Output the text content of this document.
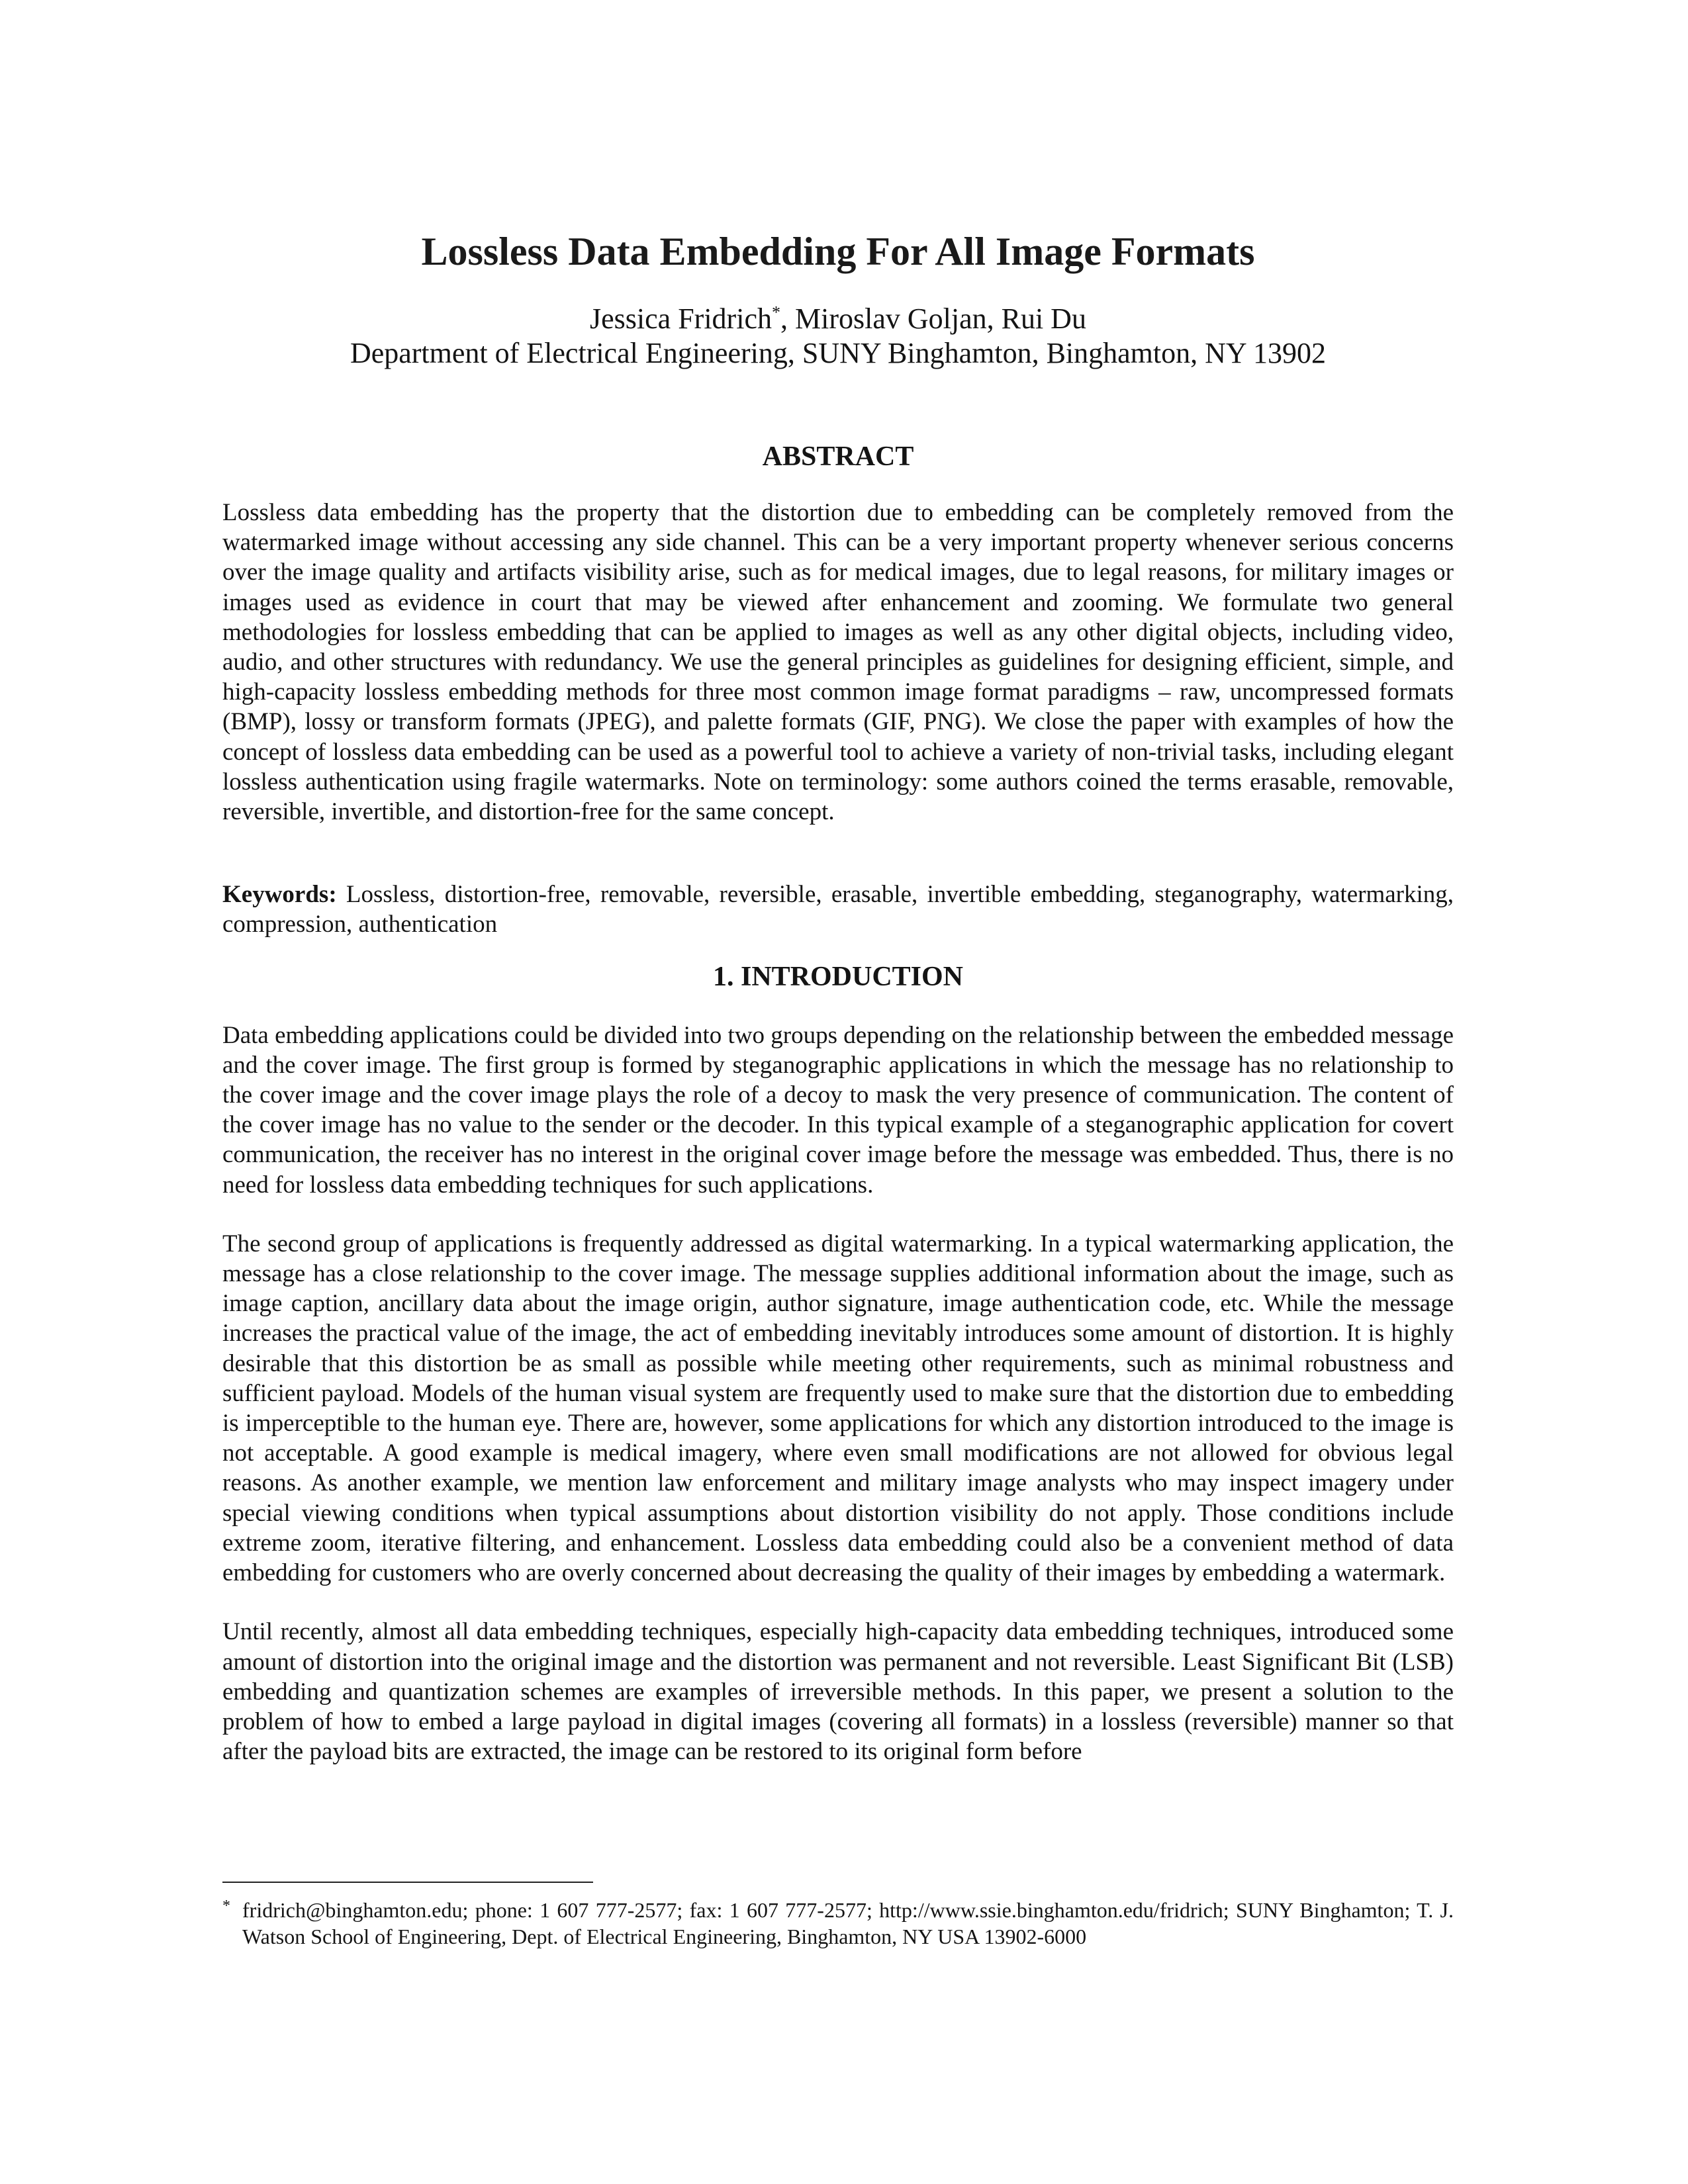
Lossless Data Embedding For All Image Formats
Jessica Fridrich*, Miroslav Goljan, Rui Du
Department of Electrical Engineering, SUNY Binghamton, Binghamton, NY 13902
ABSTRACT

Lossless data embedding has the property that the distortion due to embedding can be completely removed from the watermarked image without accessing any side channel. This can be a very important property whenever serious concerns over the image quality and artifacts visibility arise, such as for medical images, due to legal reasons, for military images or images used as evidence in court that may be viewed after enhancement and zooming. We formulate two general methodologies for lossless embedding that can be applied to images as well as any other digital objects, including video, audio, and other structures with redundancy. We use the general principles as guidelines for designing efficient, simple, and high-capacity lossless embedding methods for three most common image format paradigms – raw, uncompressed formats (BMP), lossy or transform formats (JPEG), and palette formats (GIF, PNG). We close the paper with examples of how the concept of lossless data embedding can be used as a powerful tool to achieve a variety of non-trivial tasks, including elegant lossless authentication using fragile watermarks. Note on terminology: some authors coined the terms erasable, removable, reversible, invertible, and distortion-free for the same concept.

Keywords: Lossless, distortion-free, removable, reversible, erasable, invertible embedding, steganography, watermarking, compression, authentication

1. INTRODUCTION

Data embedding applications could be divided into two groups depending on the relationship between the embedded message and the cover image. The first group is formed by steganographic applications in which the message has no relationship to the cover image and the cover image plays the role of a decoy to mask the very presence of communication. The content of the cover image has no value to the sender or the decoder. In this typical example of a steganographic application for covert communication, the receiver has no interest in the original cover image before the message was embedded. Thus, there is no need for lossless data embedding techniques for such applications.

The second group of applications is frequently addressed as digital watermarking. In a typical watermarking application, the message has a close relationship to the cover image. The message supplies additional information about the image, such as image caption, ancillary data about the image origin, author signature, image authentication code, etc. While the message increases the practical value of the image, the act of embedding inevitably introduces some amount of distortion. It is highly desirable that this distortion be as small as possible while meeting other requirements, such as minimal robustness and sufficient payload. Models of the human visual system are frequently used to make sure that the distortion due to embedding is imperceptible to the human eye. There are, however, some applications for which any distortion introduced to the image is not acceptable. A good example is medical imagery, where even small modifications are not allowed for obvious legal reasons. As another example, we mention law enforcement and military image analysts who may inspect imagery under special viewing conditions when typical assumptions about distortion visibility do not apply. Those conditions include extreme zoom, iterative filtering, and enhancement. Lossless data embedding could also be a convenient method of data embedding for customers who are overly concerned about decreasing the quality of their images by embedding a watermark.

Until recently, almost all data embedding techniques, especially high-capacity data embedding techniques, introduced some amount of distortion into the original image and the distortion was permanent and not reversible. Least Significant Bit (LSB) embedding and quantization schemes are examples of irreversible methods. In this paper, we present a solution to the problem of how to embed a large payload in digital images (covering all formats) in a lossless (reversible) manner so that after the payload bits are extracted, the image can be restored to its original form before

* fridrich@binghamton.edu; phone: 1 607 777-2577; fax: 1 607 777-2577; http://www.ssie.binghamton.edu/fridrich; SUNY Binghamton; T. J. Watson School of Engineering, Dept. of Electrical Engineering, Binghamton, NY USA 13902-6000
